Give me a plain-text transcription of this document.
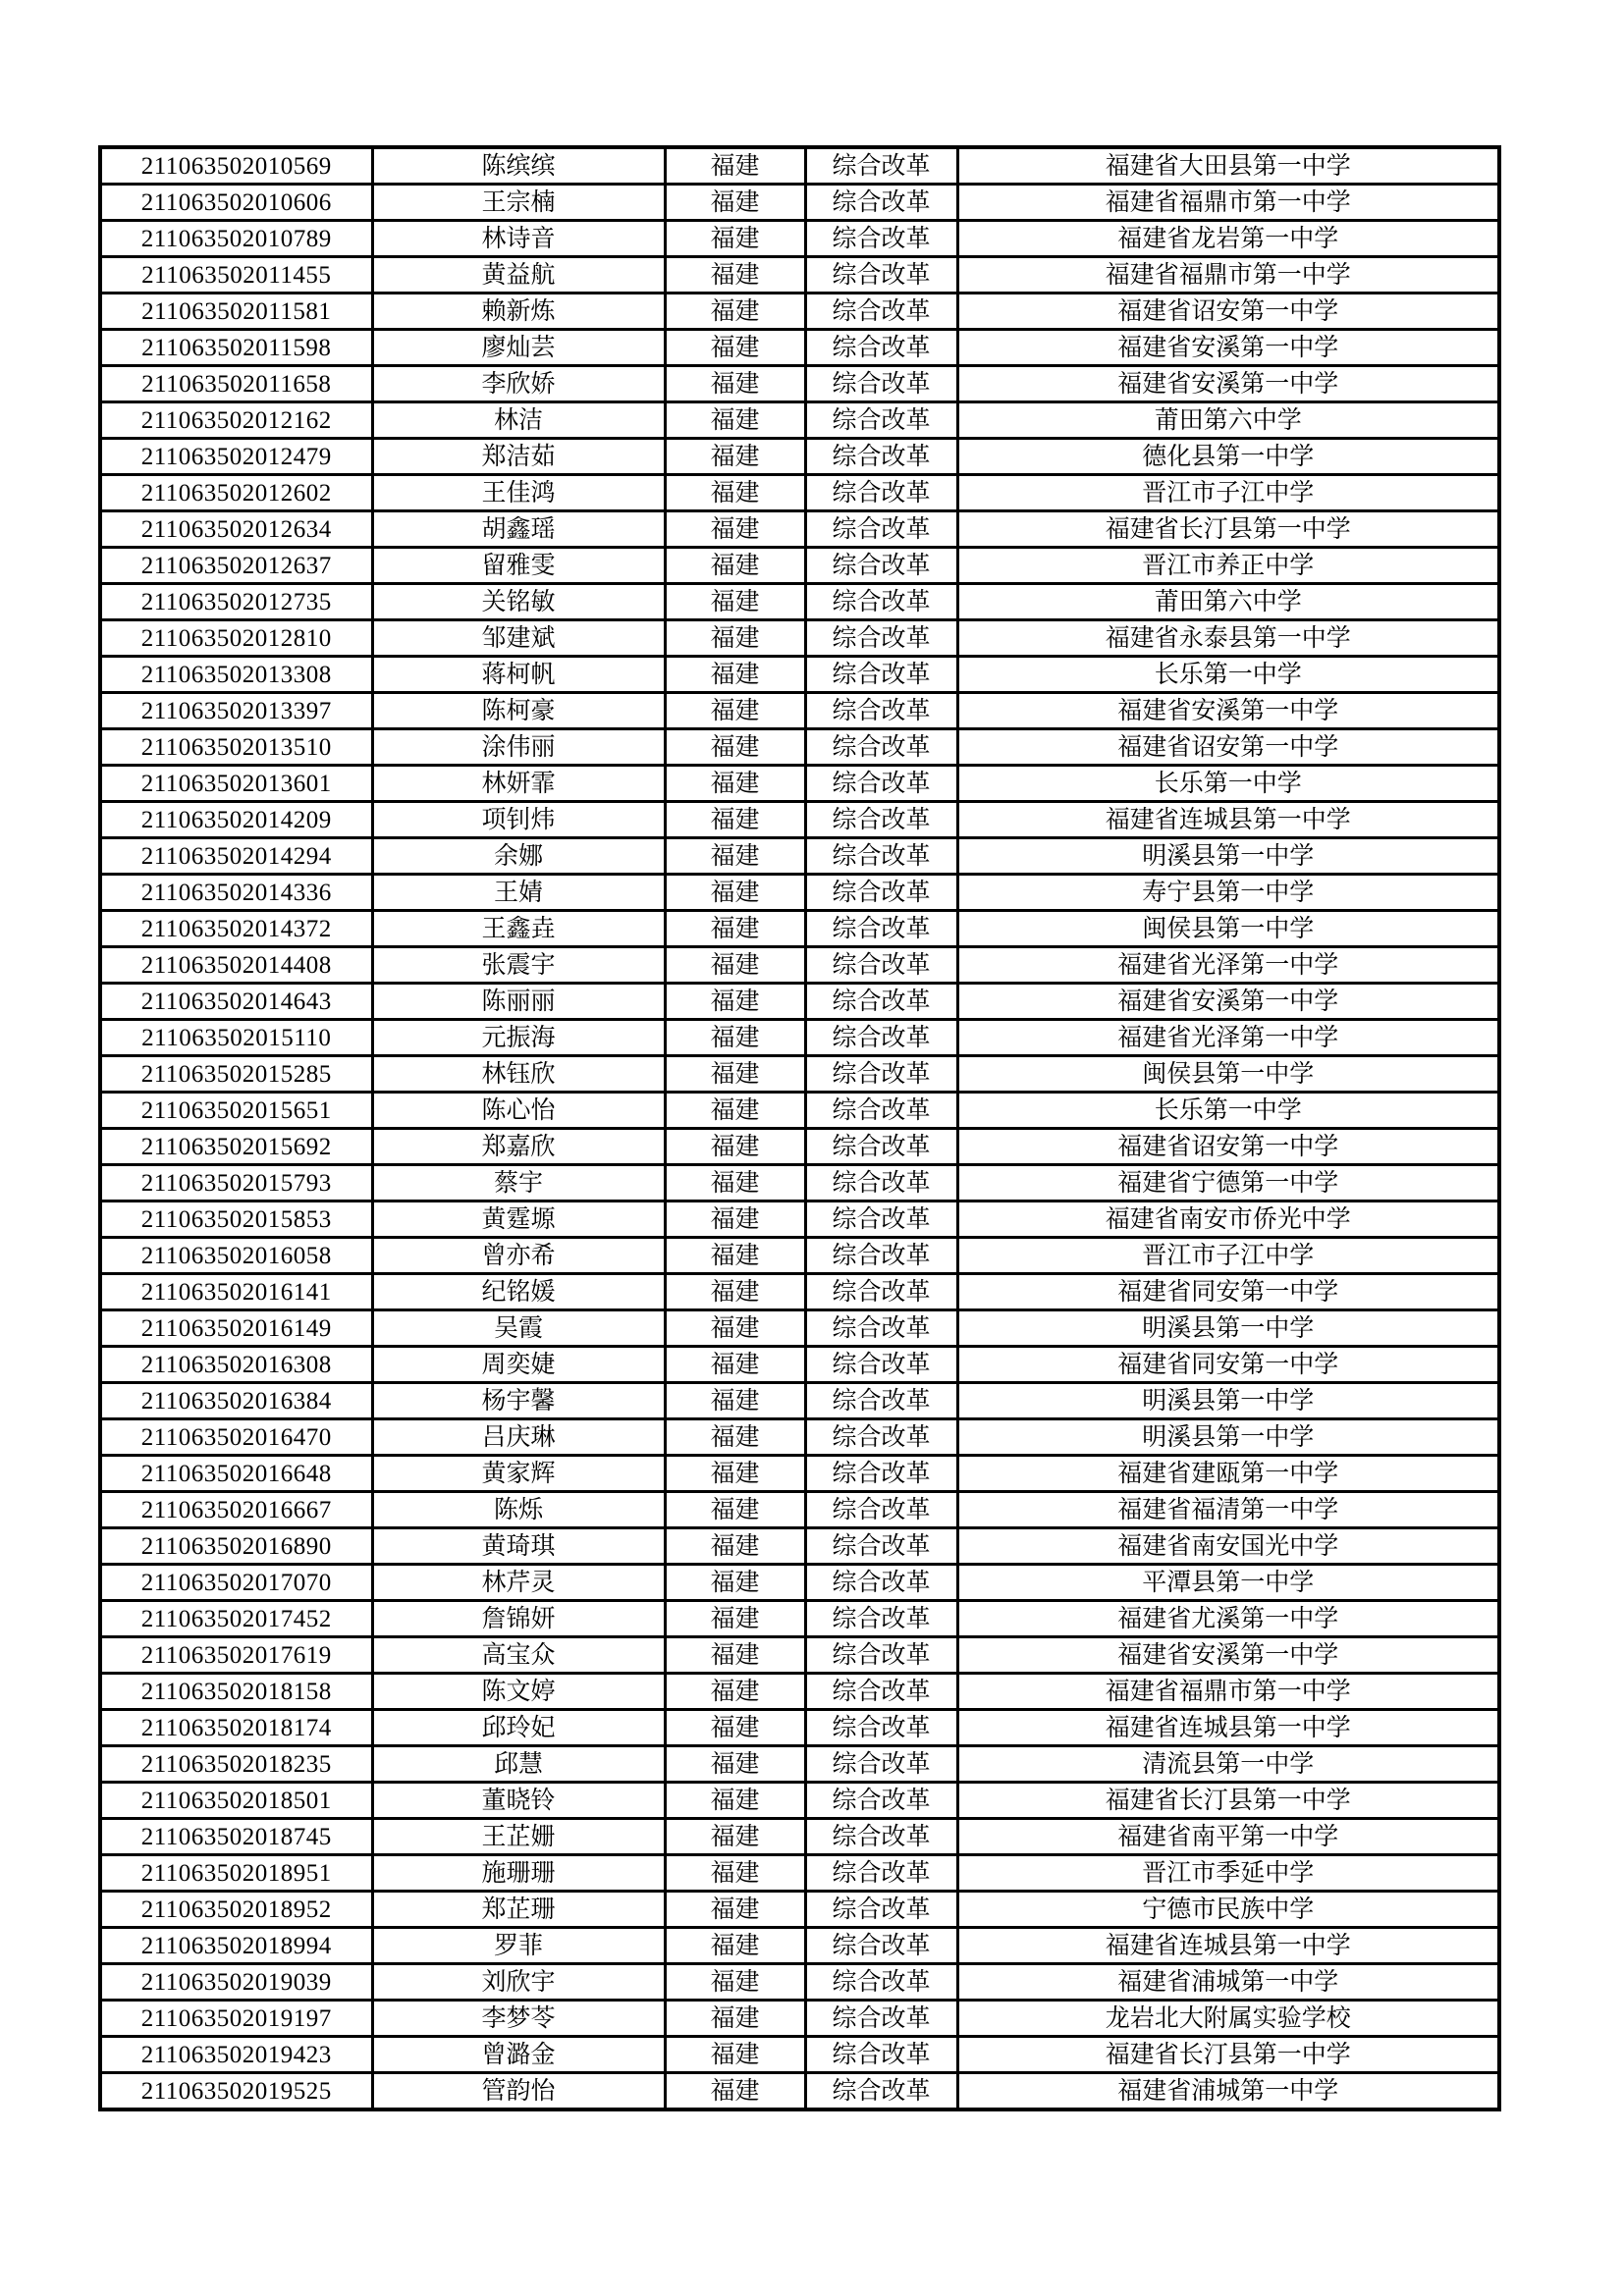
211063502010569	陈缤缤	福建	综合改革	福建省大田县第一中学
211063502010606	王宗楠	福建	综合改革	福建省福鼎市第一中学
211063502010789	林诗音	福建	综合改革	福建省龙岩第一中学
211063502011455	黄益航	福建	综合改革	福建省福鼎市第一中学
211063502011581	赖新炼	福建	综合改革	福建省诏安第一中学
211063502011598	廖灿芸	福建	综合改革	福建省安溪第一中学
211063502011658	李欣娇	福建	综合改革	福建省安溪第一中学
211063502012162	林洁	福建	综合改革	莆田第六中学
211063502012479	郑洁茹	福建	综合改革	德化县第一中学
211063502012602	王佳鸿	福建	综合改革	晋江市子江中学
211063502012634	胡鑫瑶	福建	综合改革	福建省长汀县第一中学
211063502012637	留雅雯	福建	综合改革	晋江市养正中学
211063502012735	关铭敏	福建	综合改革	莆田第六中学
211063502012810	邹建斌	福建	综合改革	福建省永泰县第一中学
211063502013308	蒋柯帆	福建	综合改革	长乐第一中学
211063502013397	陈柯豪	福建	综合改革	福建省安溪第一中学
211063502013510	涂伟丽	福建	综合改革	福建省诏安第一中学
211063502013601	林妍霏	福建	综合改革	长乐第一中学
211063502014209	项钊炜	福建	综合改革	福建省连城县第一中学
211063502014294	余娜	福建	综合改革	明溪县第一中学
211063502014336	王婧	福建	综合改革	寿宁县第一中学
211063502014372	王鑫垚	福建	综合改革	闽侯县第一中学
211063502014408	张震宇	福建	综合改革	福建省光泽第一中学
211063502014643	陈丽丽	福建	综合改革	福建省安溪第一中学
211063502015110	元振海	福建	综合改革	福建省光泽第一中学
211063502015285	林钰欣	福建	综合改革	闽侯县第一中学
211063502015651	陈心怡	福建	综合改革	长乐第一中学
211063502015692	郑嘉欣	福建	综合改革	福建省诏安第一中学
211063502015793	蔡宇	福建	综合改革	福建省宁德第一中学
211063502015853	黄霆塬	福建	综合改革	福建省南安市侨光中学
211063502016058	曾亦希	福建	综合改革	晋江市子江中学
211063502016141	纪铭媛	福建	综合改革	福建省同安第一中学
211063502016149	吴霞	福建	综合改革	明溪县第一中学
211063502016308	周奕婕	福建	综合改革	福建省同安第一中学
211063502016384	杨宇馨	福建	综合改革	明溪县第一中学
211063502016470	吕庆琳	福建	综合改革	明溪县第一中学
211063502016648	黄家辉	福建	综合改革	福建省建瓯第一中学
211063502016667	陈烁	福建	综合改革	福建省福清第一中学
211063502016890	黄琦琪	福建	综合改革	福建省南安国光中学
211063502017070	林芹灵	福建	综合改革	平潭县第一中学
211063502017452	詹锦妍	福建	综合改革	福建省尤溪第一中学
211063502017619	高宝众	福建	综合改革	福建省安溪第一中学
211063502018158	陈文婷	福建	综合改革	福建省福鼎市第一中学
211063502018174	邱玲妃	福建	综合改革	福建省连城县第一中学
211063502018235	邱慧	福建	综合改革	清流县第一中学
211063502018501	董晓铃	福建	综合改革	福建省长汀县第一中学
211063502018745	王芷姗	福建	综合改革	福建省南平第一中学
211063502018951	施珊珊	福建	综合改革	晋江市季延中学
211063502018952	郑芷珊	福建	综合改革	宁德市民族中学
211063502018994	罗菲	福建	综合改革	福建省连城县第一中学
211063502019039	刘欣宇	福建	综合改革	福建省浦城第一中学
211063502019197	李梦苓	福建	综合改革	龙岩北大附属实验学校
211063502019423	曾潞金	福建	综合改革	福建省长汀县第一中学
211063502019525	管韵怡	福建	综合改革	福建省浦城第一中学
